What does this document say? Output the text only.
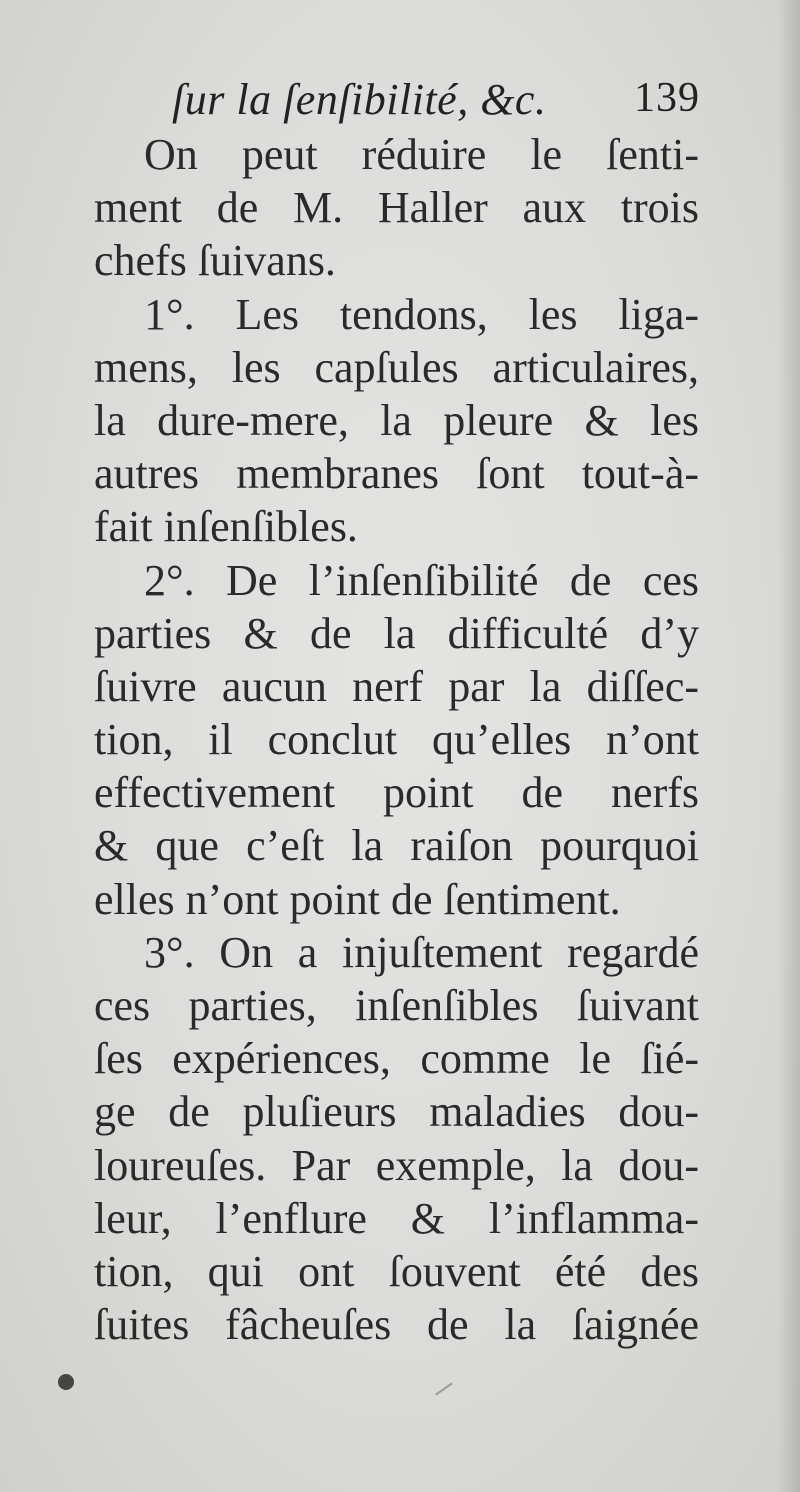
ſur la ſenſibilité, &c. 139
On peut réduire le ſenti-
ment de M. Haller aux trois
chefs ſuivans.
1°. Les tendons, les liga-
mens, les capſules articulaires,
la dure-mere, la pleure & les
autres membranes ſont tout-à-
fait inſenſibles.
2°. De l’inſenſibilité de ces
parties & de la difficulté d’y
ſuivre aucun nerf par la diſſec-
tion, il conclut qu’elles n’ont
effectivement point de nerfs
& que c’eſt la raiſon pourquoi
elles n’ont point de ſentiment.
3°. On a injuſtement regardé
ces parties, inſenſibles ſuivant
ſes expériences, comme le ſié-
ge de pluſieurs maladies dou-
loureuſes. Par exemple, la dou-
leur, l’enflure & l’inflamma-
tion, qui ont ſouvent été des
ſuites fâcheuſes de la ſaignée
